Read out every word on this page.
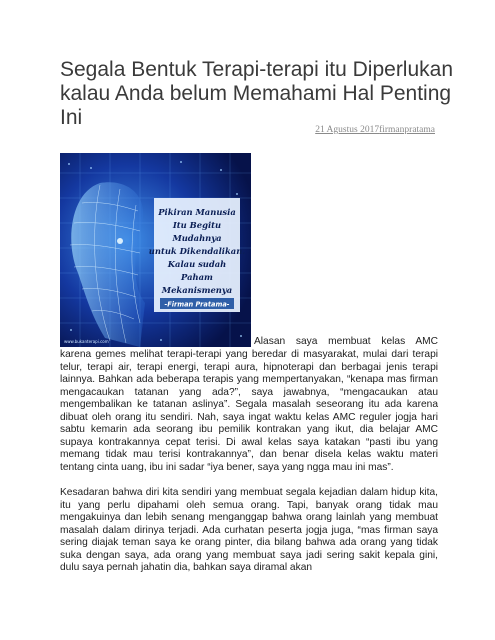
Segala Bentuk Terapi-terapi itu Diperlukan kalau Anda belum Memahami Hal Penting Ini
21 Agustus 2017firmanpratama
Pikiran Manusia
Itu Begitu
Mudahnya
untuk Dikendalikan.
Kalau sudah
Paham
Mekanismenya
-Firman Pratama-
www.bukanterapi.com	Alasan saya membuat kelas AMC

karena gemes melihat terapi-terapi yang beredar di masyarakat, mulai dari terapi telur, terapi air, terapi energi, terapi aura, hipnoterapi dan berbagai jenis terapi lainnya. Bahkan ada beberapa terapis yang mempertanyakan, “kenapa mas firman mengacaukan tatanan yang ada?”, saya jawabnya, “mengacaukan atau mengembalikan ke tatanan aslinya”. Segala masalah seseorang itu ada karena dibuat oleh orang itu sendiri. Nah, saya ingat waktu kelas AMC reguler jogja hari sabtu kemarin ada seorang ibu pemilik kontrakan yang ikut, dia belajar AMC supaya kontrakannya cepat terisi. Di awal kelas saya katakan “pasti ibu yang memang tidak mau terisi kontrakannya”, dan benar disela kelas waktu materi tentang cinta uang, ibu ini sadar “iya bener, saya yang ngga mau ini mas”.

Kesadaran bahwa diri kita sendiri yang membuat segala kejadian dalam hidup kita, itu yang perlu dipahami oleh semua orang. Tapi, banyak orang tidak mau mengakuinya dan lebih senang menganggap bahwa orang lainlah yang membuat masalah dalam dirinya terjadi. Ada curhatan peserta jogja juga, “mas firman saya sering diajak teman saya ke orang pinter, dia bilang bahwa ada orang yang tidak suka dengan saya, ada orang yang membuat saya jadi sering sakit kepala gini, dulu saya pernah jahatin dia, bahkan saya diramal akan
